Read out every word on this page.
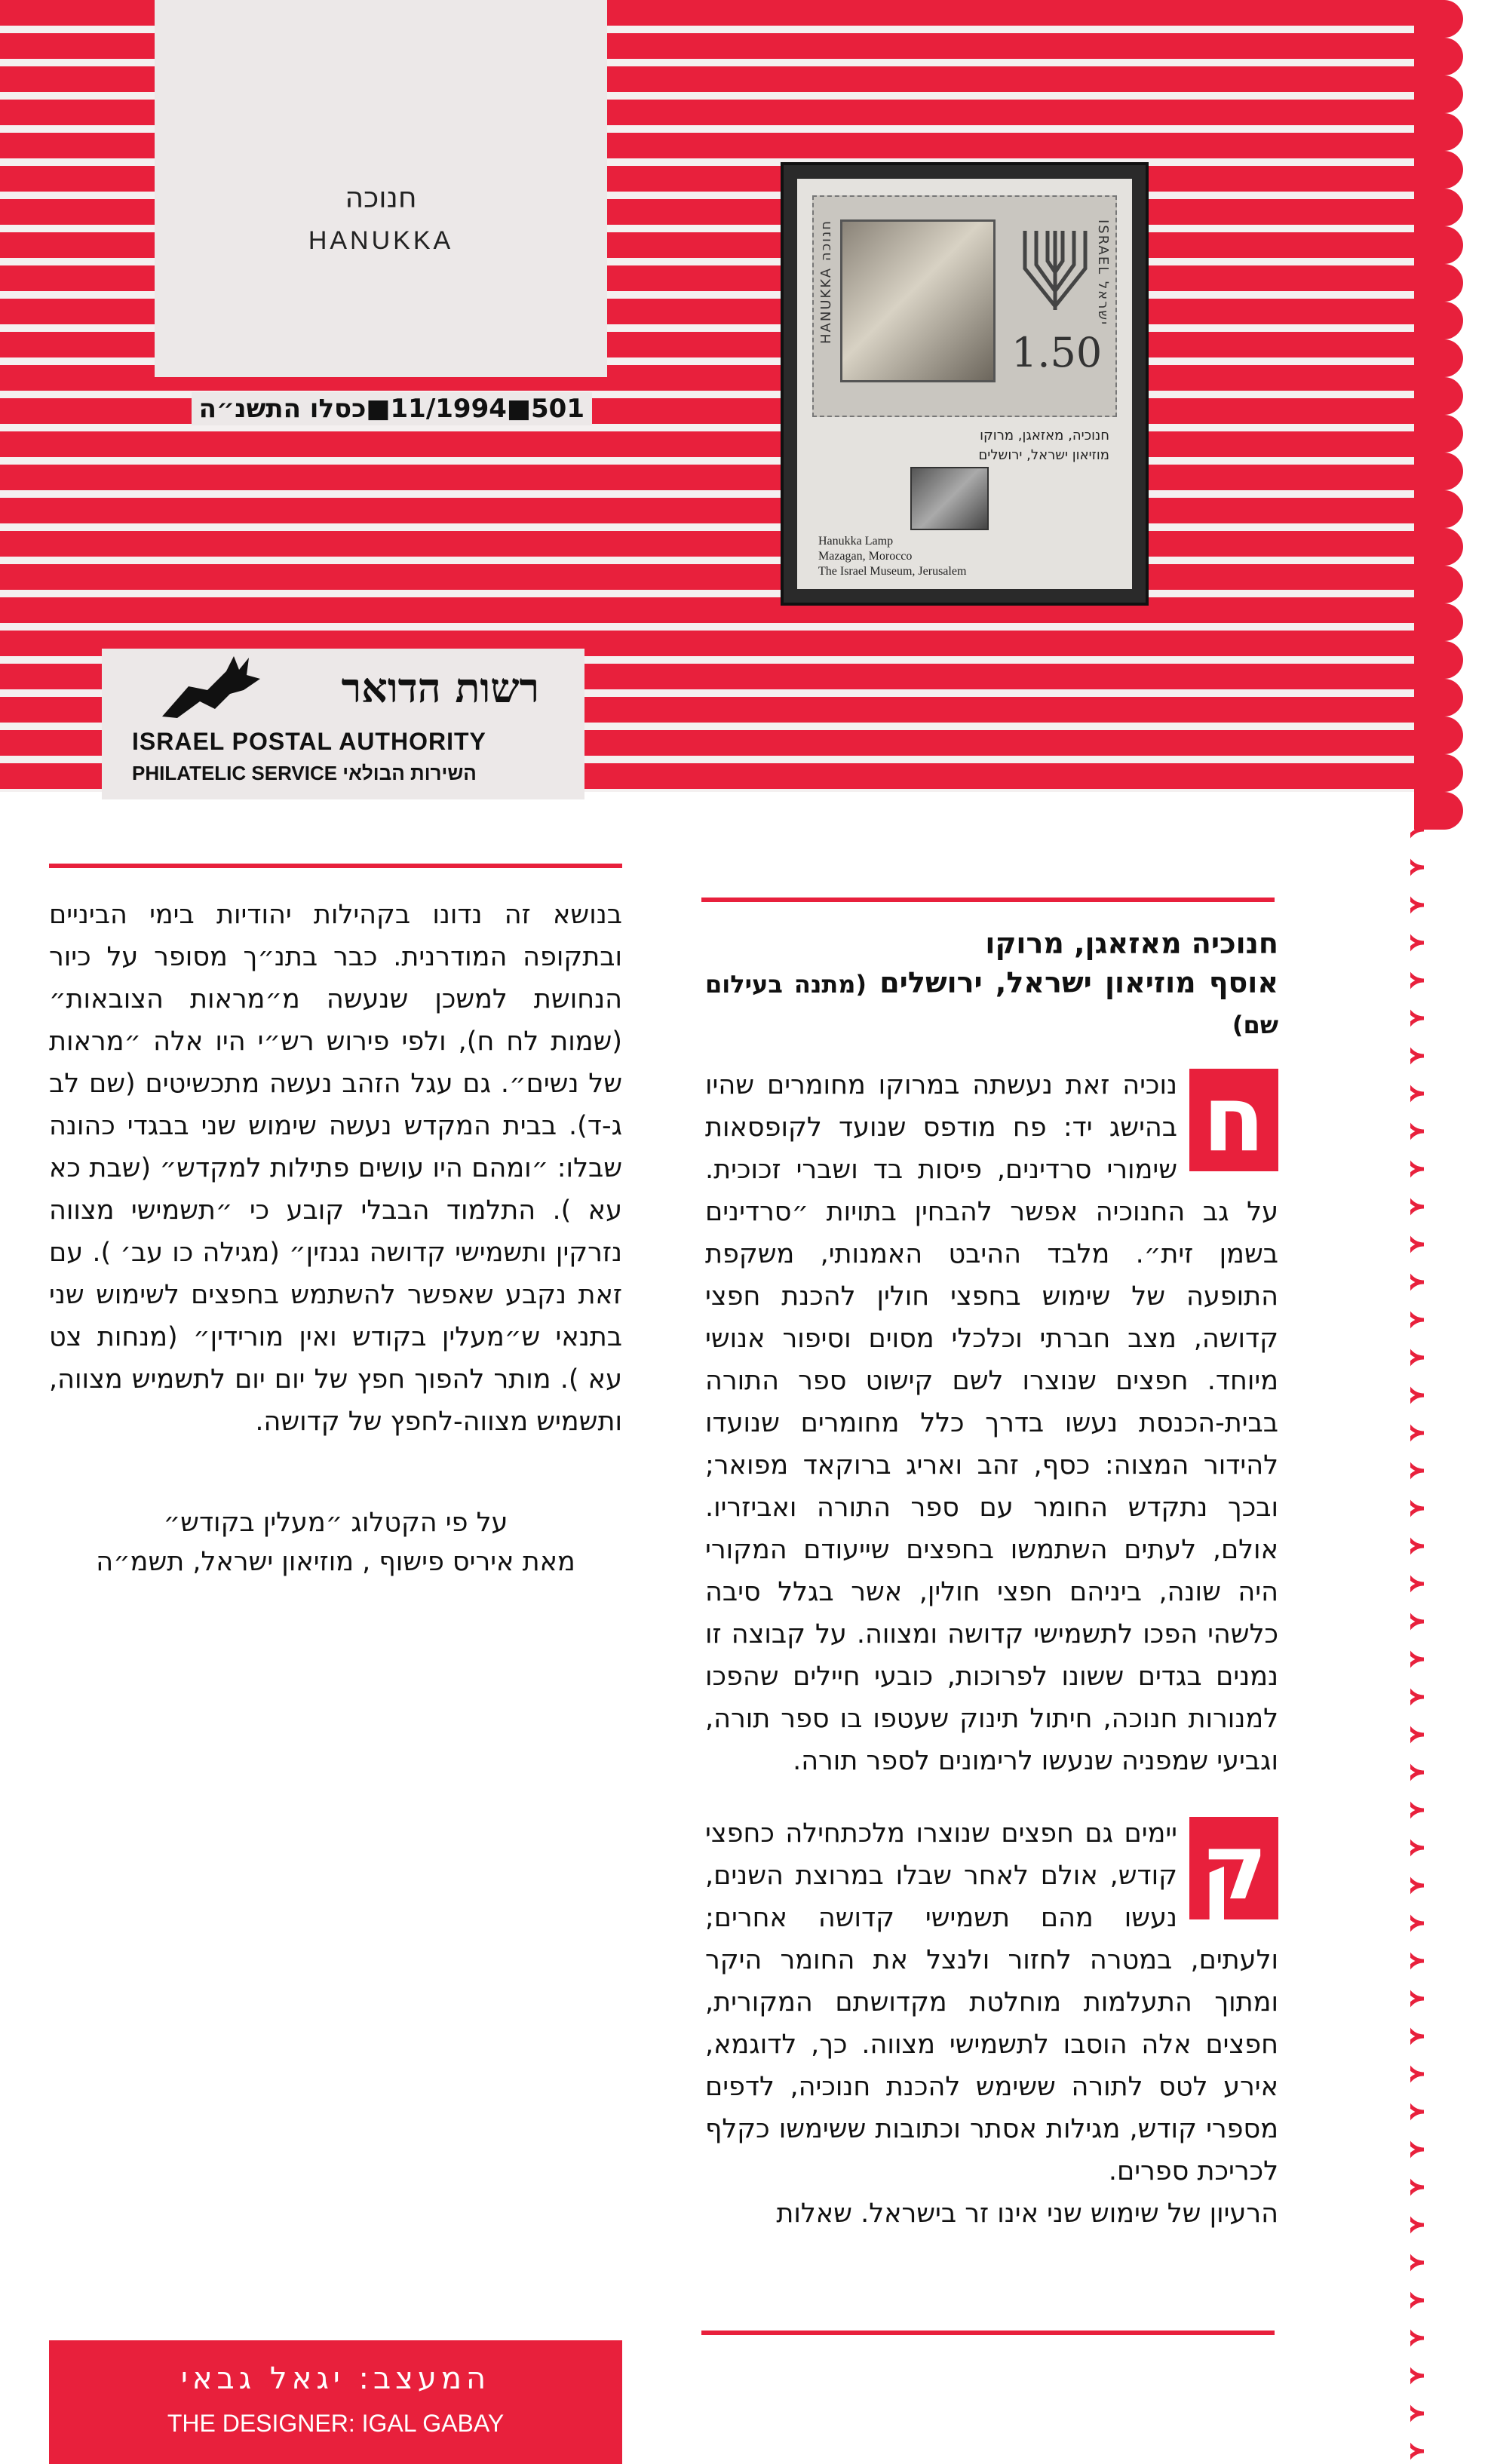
חנוכה
HANUKKA
501■11/1994■כסלו התשנ״ה
HANUKKA חנוכה
1.50
ISRAEL ישראל
חנוכיה, מאזאגן, מרוקו
מוזיאון ישראל, ירושלים
Hanukka Lamp
Mazagan, Morocco
The Israel Museum, Jerusalem
רשות הדואר
ISRAEL POSTAL AUTHORITY
PHILATELIC SERVICE השירות הבולאי

חנוכיה מאזאגן, מרוקו

אוסף מוזיאון ישראל, ירושלים (מתנה בעילום שם)

ח
נוכיה זאת נעשתה במרוקו מחומרים שהיו בהישג יד: פח מודפס שנועד לקופסאות שימורי סרדינים, פיסות בד ושברי זכוכית. על גב החנוכיה אפשר להבחין בתויות ״סרדינים בשמן זית״. מלבד ההיבט האמנותי, משקפת התופעה של שימוש בחפצי חולין להכנת חפצי קדושה, מצב חברתי וכלכלי מסוים וסיפור אנושי מיוחד. חפצים שנוצרו לשם קישוט ספר התורה בבית-הכנסת נעשו בדרך כלל מחומרים שנועדו להידור המצוה: כסף, זהב ואריג ברוקאד מפואר; ובכך נתקדש החומר עם ספר התורה ואביזריו. אולם, לעתים השתמשו בחפצים שייעודם המקורי היה שונה, ביניהם חפצי חולין, אשר בגלל סיבה כלשהי הפכו לתשמישי קדושה ומצווה. על קבוצה זו נמנים בגדים ששונו לפרוכות, כובעי חיילים שהפכו למנורות חנוכה, חיתול תינוק שעטפו בו ספר תורה, וגביעי שמפניה שנעשו לרימונים לספר תורה.

ק
יימים גם חפצים שנוצרו מלכתחילה כחפצי קודש, אולם לאחר שבלו במרוצת השנים, נעשו מהם תשמישי קדושה אחרים; ולעתים, במטרה לחזור ולנצל את החומר היקר ומתוך התעלמות מוחלטת מקדושתם המקורית, חפצים אלה הוסבו לתשמישי מצווה. כך, לדוגמא, אירע לטס לתורה ששימש להכנת חנוכיה, לדפים מספרי קודש, מגילות אסתר וכתובות ששימשו כקלף לכריכת ספרים.

הרעיון של שימוש שני אינו זר בישראל. שאלות

בנושא זה נדונו בקהילות יהודיות בימי הביניים ובתקופה המודרנית. כבר בתנ״ך מסופר על כיור הנחושת למשכן שנעשה מ״מראות הצובאות״ (שמות לח ח), ולפי פירוש רש״י היו אלה ״מראות של נשים״. גם עגל הזהב נעשה מתכשיטים (שם לב ג-ד). בבית המקדש נעשה שימוש שני בבגדי כהונה שבלו: ״ומהם היו עושים פתילות למקדש״ (שבת כא עא ). התלמוד הבבלי קובע כי ״תשמישי מצווה נזרקין ותשמישי קדושה נגנזין״ (מגילה כו עב׳ ). עם זאת נקבע שאפשר להשתמש בחפצים לשימוש שני בתנאי ש״מעלין בקודש ואין מורידין״ (מנחות צט עא ). מותר להפוך חפץ של יום יום לתשמיש מצווה, ותשמיש מצווה-לחפץ של קדושה.

על פי הקטלוג ״מעלין בקודש״
מאת איריס פישוף , מוזיאון ישראל, תשמ״ה

המעצב: יגאל גבאי
THE DESIGNER: IGAL GABAY
